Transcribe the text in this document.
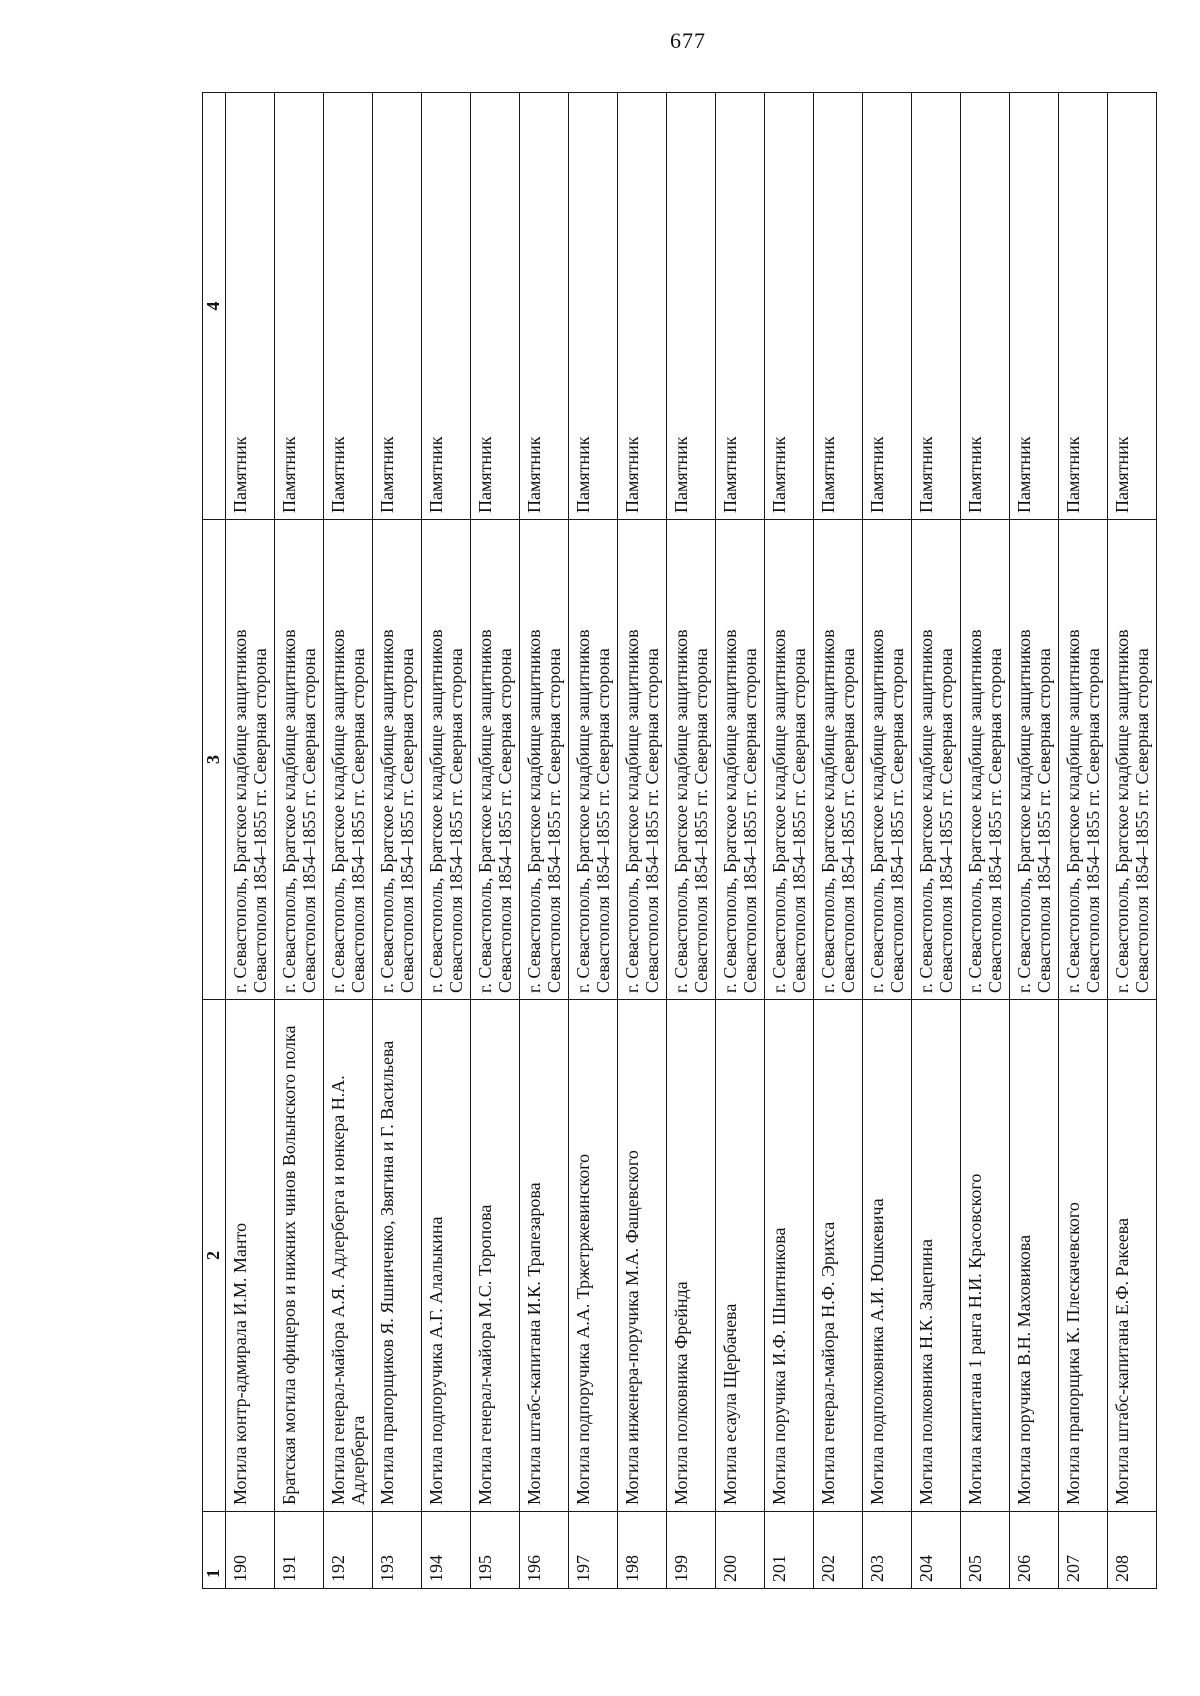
677
1	2	3	4
190	Могила контр-адмирала И.М. Манто	г. Севастополь, Братское кладбище защитников Севастополя 1854–1855 гг. Северная сторона	Памятник
191	Братская могила офицеров и нижних чинов Волынского полка	г. Севастополь, Братское кладбище защитников Севастополя 1854–1855 гг. Северная сторона	Памятник
192	Могила генерал-майора А.Я. Адлерберга и юнкера Н.А. Адлерберга	г. Севастополь, Братское кладбище защитников Севастополя 1854–1855 гг. Северная сторона	Памятник
193	Могила прапорщиков Я. Яшниченко, Звягина и Г. Васильева	г. Севастополь, Братское кладбище защитников Севастополя 1854–1855 гг. Северная сторона	Памятник
194	Могила подпоручика А.Г. Алалыкина	г. Севастополь, Братское кладбище защитников Севастополя 1854–1855 гг. Северная сторона	Памятник
195	Могила генерал-майора М.С. Торопова	г. Севастополь, Братское кладбище защитников Севастополя 1854–1855 гг. Северная сторона	Памятник
196	Могила штабс-капитана И.К. Трапезарова	г. Севастополь, Братское кладбище защитников Севастополя 1854–1855 гг. Северная сторона	Памятник
197	Могила подпоручика А.А. Тржетржевинского	г. Севастополь, Братское кладбище защитников Севастополя 1854–1855 гг. Северная сторона	Памятник
198	Могила инженера-поручика М.А. Фащевского	г. Севастополь, Братское кладбище защитников Севастополя 1854–1855 гг. Северная сторона	Памятник
199	Могила полковника Фрейнда	г. Севастополь, Братское кладбище защитников Севастополя 1854–1855 гг. Северная сторона	Памятник
200	Могила есаула Щербачева	г. Севастополь, Братское кладбище защитников Севастополя 1854–1855 гг. Северная сторона	Памятник
201	Могила поручика И.Ф. Шнитникова	г. Севастополь, Братское кладбище защитников Севастополя 1854–1855 гг. Северная сторона	Памятник
202	Могила генерал-майора Н.Ф. Эрихса	г. Севастополь, Братское кладбище защитников Севастополя 1854–1855 гг. Северная сторона	Памятник
203	Могила подполковника А.И. Юшкевича	г. Севастополь, Братское кладбище защитников Севастополя 1854–1855 гг. Северная сторона	Памятник
204	Могила полковника Н.К. Зацепина	г. Севастополь, Братское кладбище защитников Севастополя 1854–1855 гг. Северная сторона	Памятник
205	Могила капитана 1 ранга Н.И. Красовского	г. Севастополь, Братское кладбище защитников Севастополя 1854–1855 гг. Северная сторона	Памятник
206	Могила поручика В.Н. Маховикова	г. Севастополь, Братское кладбище защитников Севастополя 1854–1855 гг. Северная сторона	Памятник
207	Могила прапорщика К. Плескачевского	г. Севастополь, Братское кладбище защитников Севастополя 1854–1855 гг. Северная сторона	Памятник
208	Могила штабс-капитана Е.Ф. Ракеева	г. Севастополь, Братское кладбище защитников Севастополя 1854–1855 гг. Северная сторона	Памятник
